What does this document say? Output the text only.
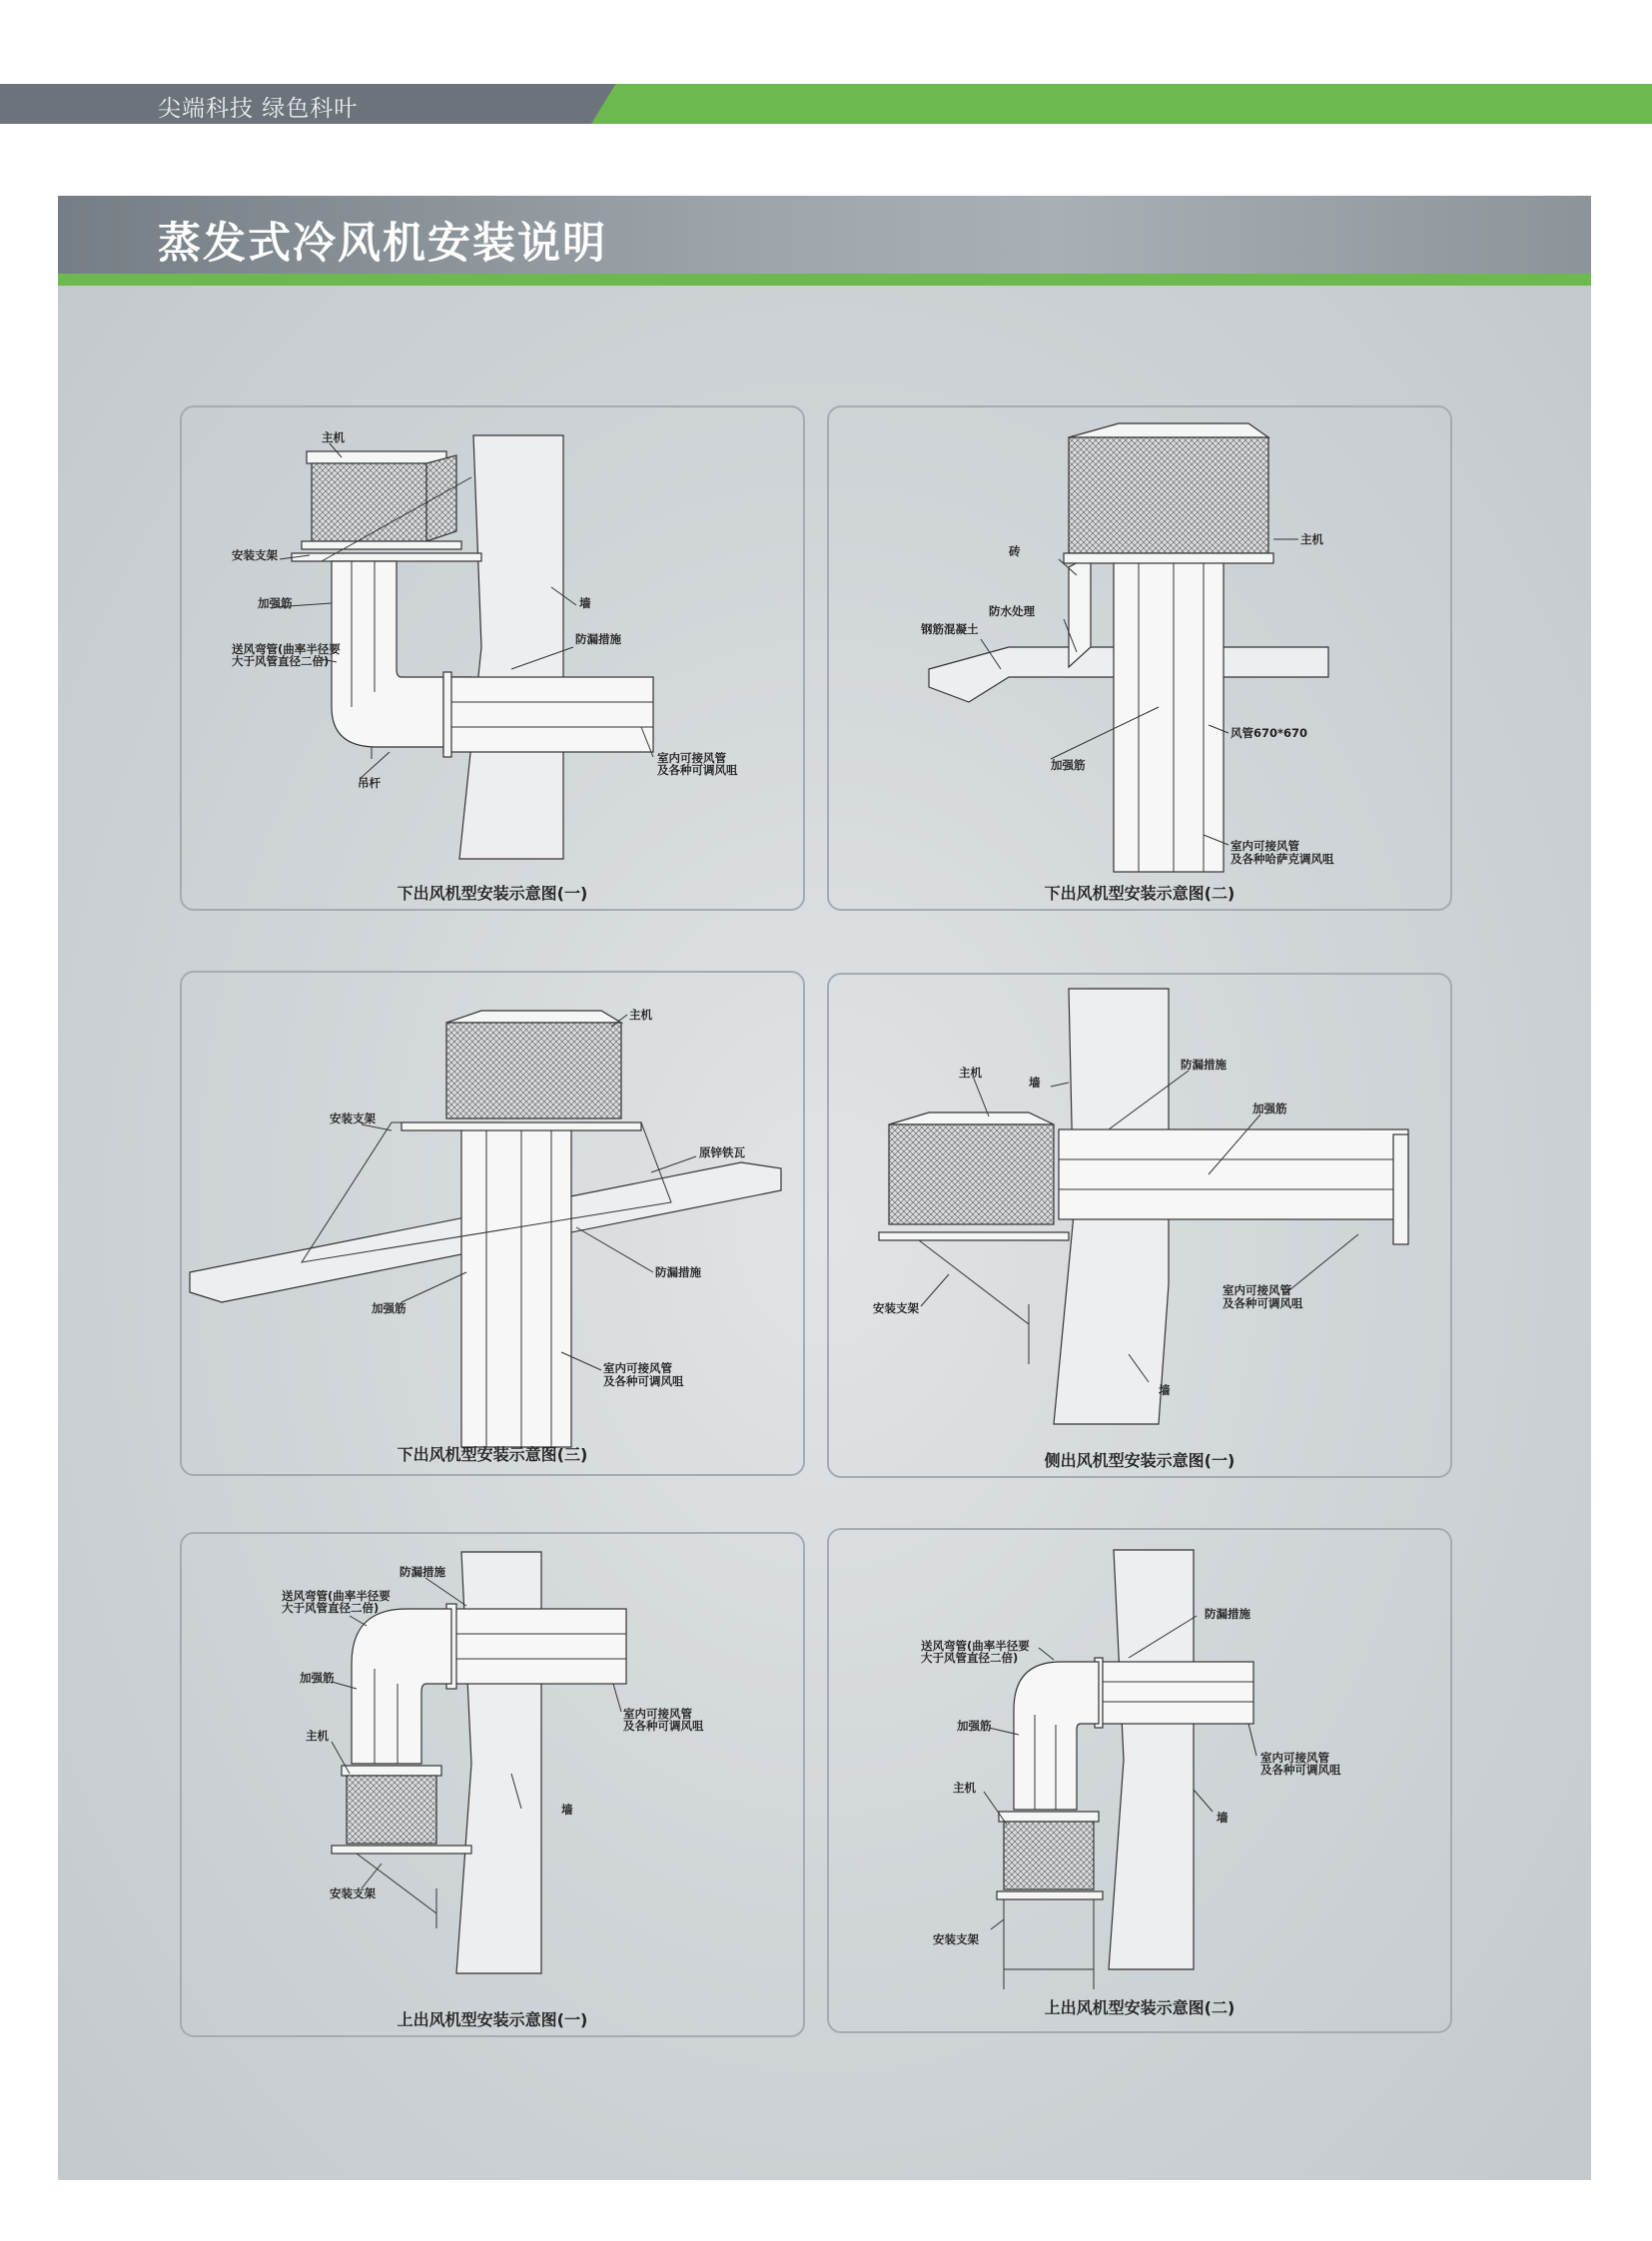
尖端科技 绿色科叶
蒸发式冷风机安装说明
主机
安装支架
加强筋
送风弯管(曲率半径要
大于风管直径二倍)
吊杆
墙
防漏措施
室内可接风管
及各种可调风咀
下出风机型安装示意图(一)
主机
砖
防水处理
钢筋混凝土
加强筋
风管670*670
室内可接风管
及各种哈萨克调风咀
下出风机型安装示意图(二)
主机
安装支架
原锌铁瓦
防漏措施
加强筋
室内可接风管
及各种可调风咀
下出风机型安装示意图(三)
主机
墙
防漏措施
加强筋
室内可接风管
及各种可调风咀
安装支架
墙
侧出风机型安装示意图(一)
防漏措施
送风弯管(曲率半径要
大于风管直径二倍)
加强筋
室内可接风管
及各种可调风咀
主机
墙
安装支架
上出风机型安装示意图(一)
防漏措施
送风弯管(曲率半径要
大于风管直径二倍)
加强筋
室内可接风管
及各种可调风咀
主机
墙
安装支架
上出风机型安装示意图(二)
